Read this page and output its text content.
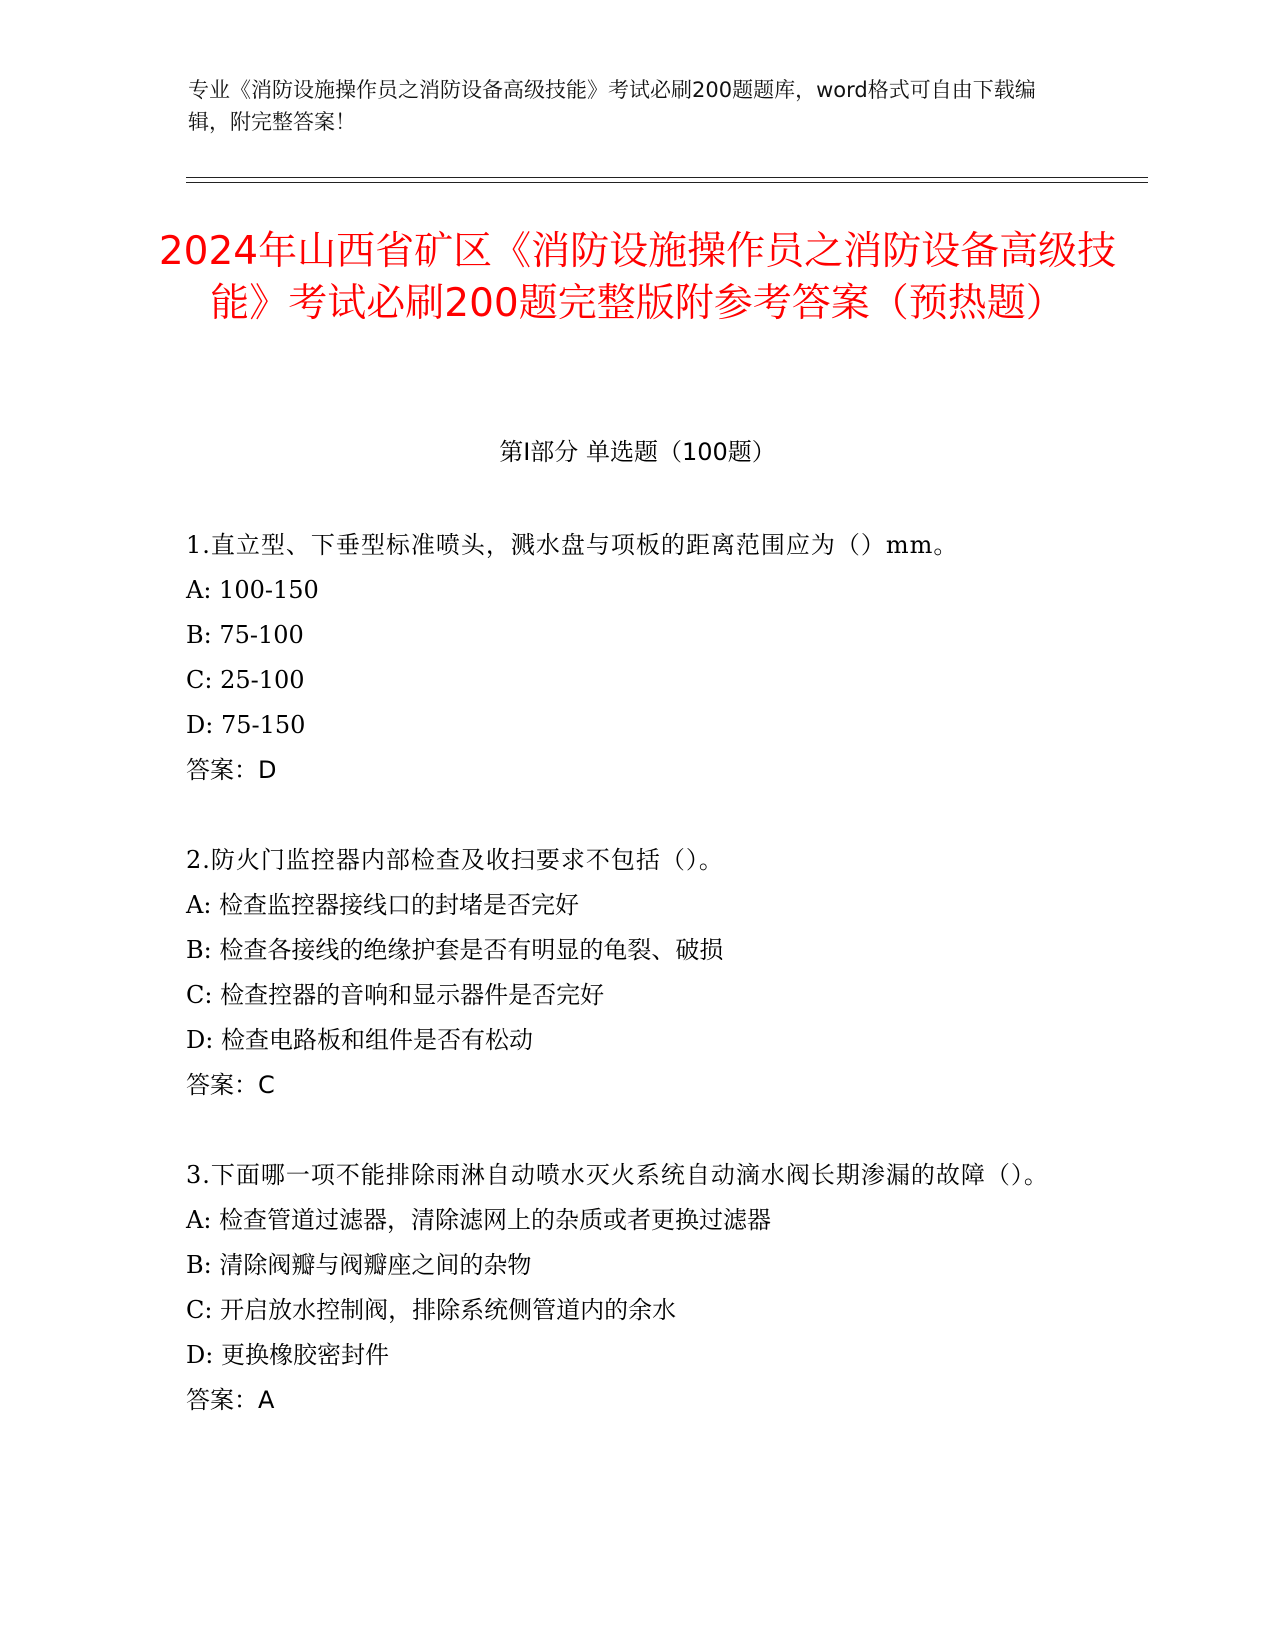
专业《消防设施操作员之消防设备高级技能》考试必刷200题题库，word格式可自由下载编辑，附完整答案！
2024年山西省矿区《消防设施操作员之消防设备高级技能》考试必刷200题完整版附参考答案（预热题）
第Ⅰ部分 单选题（100题）

1.直立型、下垂型标准喷头，溅水盘与项板的距离范围应为（）mm。

A: 100-150

B: 75-100

C: 25-100

D: 75-150

答案：D

2.防火门监控器内部检查及收扫要求不包括（）。

A: 检查监控器接线口的封堵是否完好

B: 检查各接线的绝缘护套是否有明显的龟裂、破损

C: 检查控器的音响和显示器件是否完好

D: 检查电路板和组件是否有松动

答案：C

3.下面哪一项不能排除雨淋自动喷水灭火系统自动滴水阀长期渗漏的故障（）。

A: 检查管道过滤器，清除滤网上的杂质或者更换过滤器

B: 清除阀瓣与阀瓣座之间的杂物

C: 开启放水控制阀，排除系统侧管道内的余水

D: 更换橡胶密封件

答案：A
